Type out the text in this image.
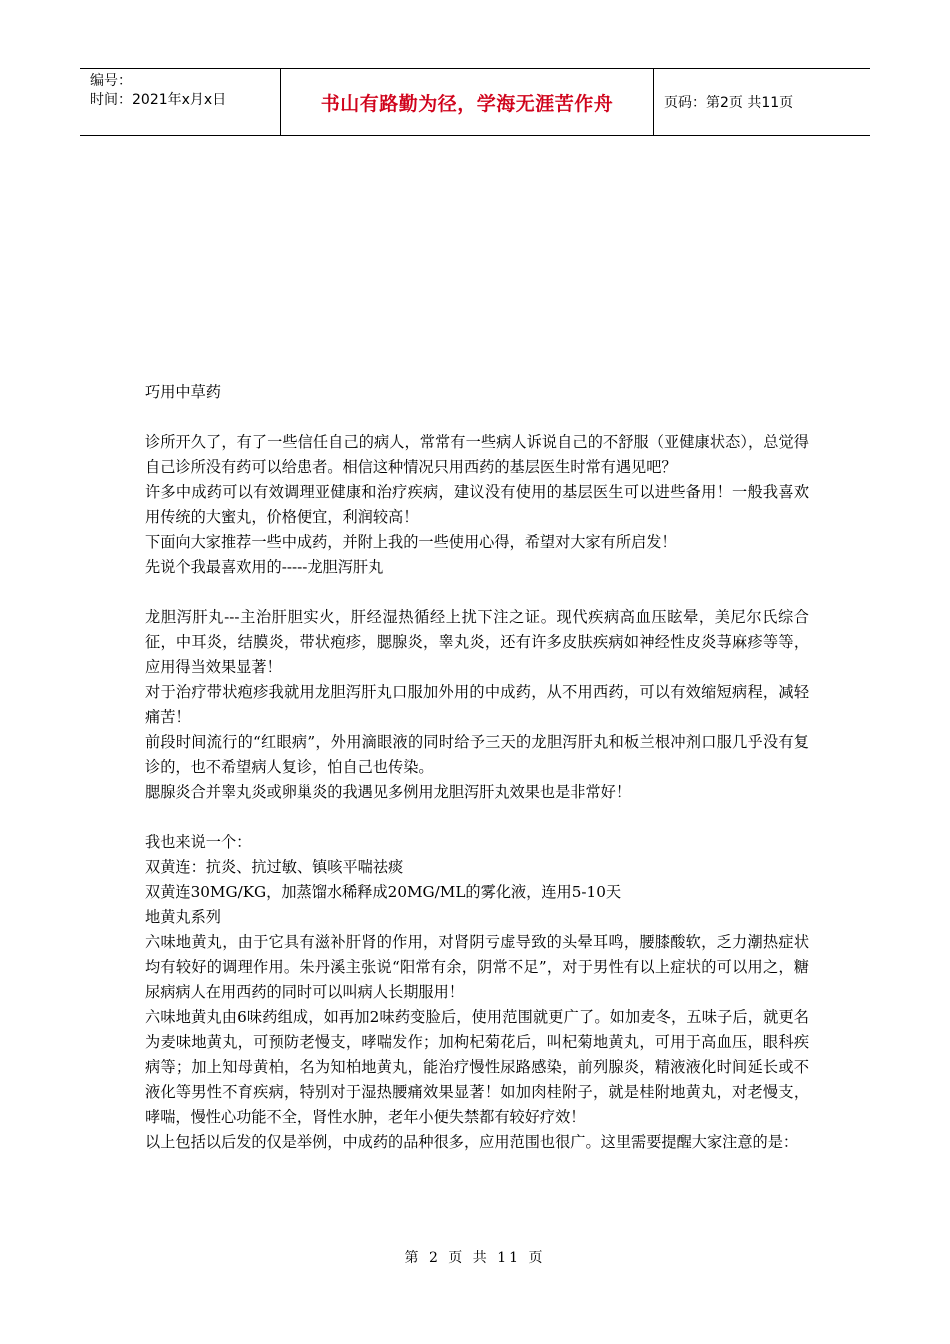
编号：
时间：2021年x月x日	书山有路勤为径，学海无涯苦作舟	页码：第2页 共11页

巧用中草药

诊所开久了，有了一些信任自己的病人，常常有一些病人诉说自己的不舒服（亚健康状态），总觉得自己诊所没有药可以给患者。相信这种情况只用西药的基层医生时常有遇见吧？

许多中成药可以有效调理亚健康和治疗疾病，建议没有使用的基层医生可以进些备用！一般我喜欢用传统的大蜜丸，价格便宜，利润较高！

下面向大家推荐一些中成药，并附上我的一些使用心得，希望对大家有所启发！

先说个我最喜欢用的-----龙胆泻肝丸

龙胆泻肝丸---主治肝胆实火，肝经湿热循经上扰下注之证。现代疾病高血压眩晕，美尼尔氏综合征，中耳炎，结膜炎，带状疱疹，腮腺炎，睾丸炎，还有许多皮肤疾病如神经性皮炎荨麻疹等等，应用得当效果显著！

对于治疗带状疱疹我就用龙胆泻肝丸口服加外用的中成药，从不用西药，可以有效缩短病程，减轻痛苦！

前段时间流行的“红眼病”，外用滴眼液的同时给予三天的龙胆泻肝丸和板兰根冲剂口服几乎没有复诊的，也不希望病人复诊，怕自己也传染。

腮腺炎合并睾丸炎或卵巢炎的我遇见多例用龙胆泻肝丸效果也是非常好！

我也来说一个：

双黄连：抗炎、抗过敏、镇咳平喘祛痰

双黄连30MG/KG，加蒸馏水稀释成20MG/ML的雾化液，连用5-10天

地黄丸系列

六味地黄丸，由于它具有滋补肝肾的作用，对肾阴亏虚导致的头晕耳鸣，腰膝酸软，乏力潮热症状均有较好的调理作用。朱丹溪主张说“阳常有余，阴常不足”，对于男性有以上症状的可以用之，糖尿病病人在用西药的同时可以叫病人长期服用！

六味地黄丸由6味药组成，如再加2味药变脸后，使用范围就更广了。如加麦冬，五味子后，就更名为麦味地黄丸，可预防老慢支，哮喘发作；加枸杞菊花后，叫杞菊地黄丸，可用于高血压，眼科疾病等；加上知母黄柏，名为知柏地黄丸，能治疗慢性尿路感染，前列腺炎，精液液化时间延长或不液化等男性不育疾病，特别对于湿热腰痛效果显著！如加肉桂附子，就是桂附地黄丸，对老慢支，哮喘，慢性心功能不全，肾性水肿，老年小便失禁都有较好疗效！

以上包括以后发的仅是举例，中成药的品种很多，应用范围也很广。这里需要提醒大家注意的是：

第 2 页 共 11 页
